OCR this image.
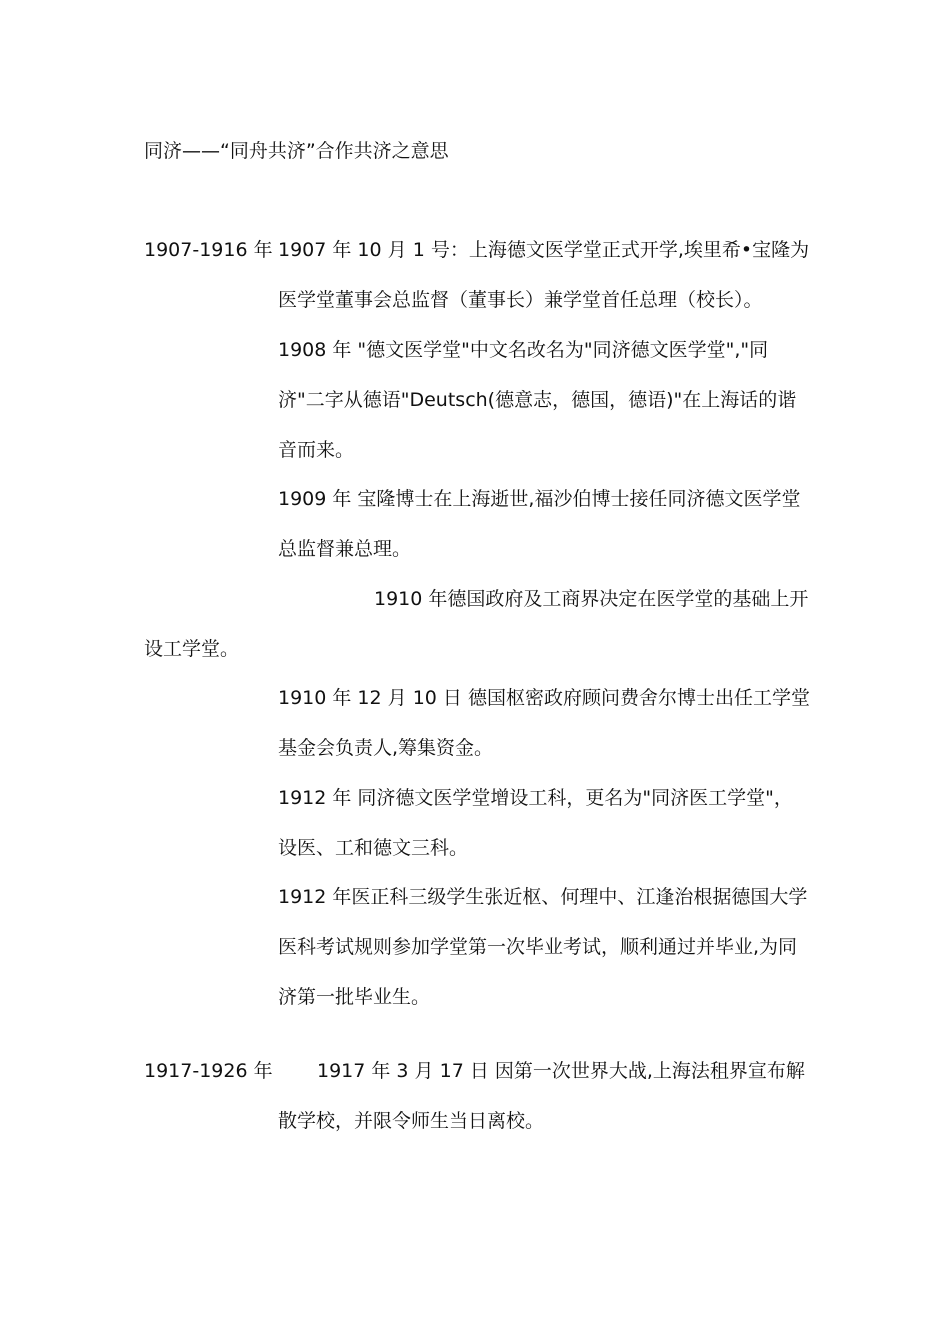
同济——“同舟共济”合作共济之意思
1907-1916 年 1907 年 10 月 1 号：上海德文医学堂正式开学,埃里希•宝隆为
医学堂董事会总监督（董事长）兼学堂首任总理（校长）。
1908 年 "德文医学堂"中文名改名为"同济德文医学堂","同
济"二字从德语"Deutsch(德意志，德国，德语)"在上海话的谐
音而来。
1909 年 宝隆博士在上海逝世,福沙伯博士接任同济德文医学堂
总监督兼总理。
1910 年德国政府及工商界决定在医学堂的基础上开
设工学堂。
1910 年 12 月 10 日 德国枢密政府顾问费舍尔博士出任工学堂
基金会负责人,筹集资金。
1912 年 同济德文医学堂增设工科，更名为"同济医工学堂"，
设医、工和德文三科。
1912 年医正科三级学生张近枢、何理中、江逢治根据德国大学
医科考试规则参加学堂第一次毕业考试，顺利通过并毕业,为同
济第一批毕业生。
1917-1926 年 1917 年 3 月 17 日 因第一次世界大战,上海法租界宣布解
散学校，并限令师生当日离校。
